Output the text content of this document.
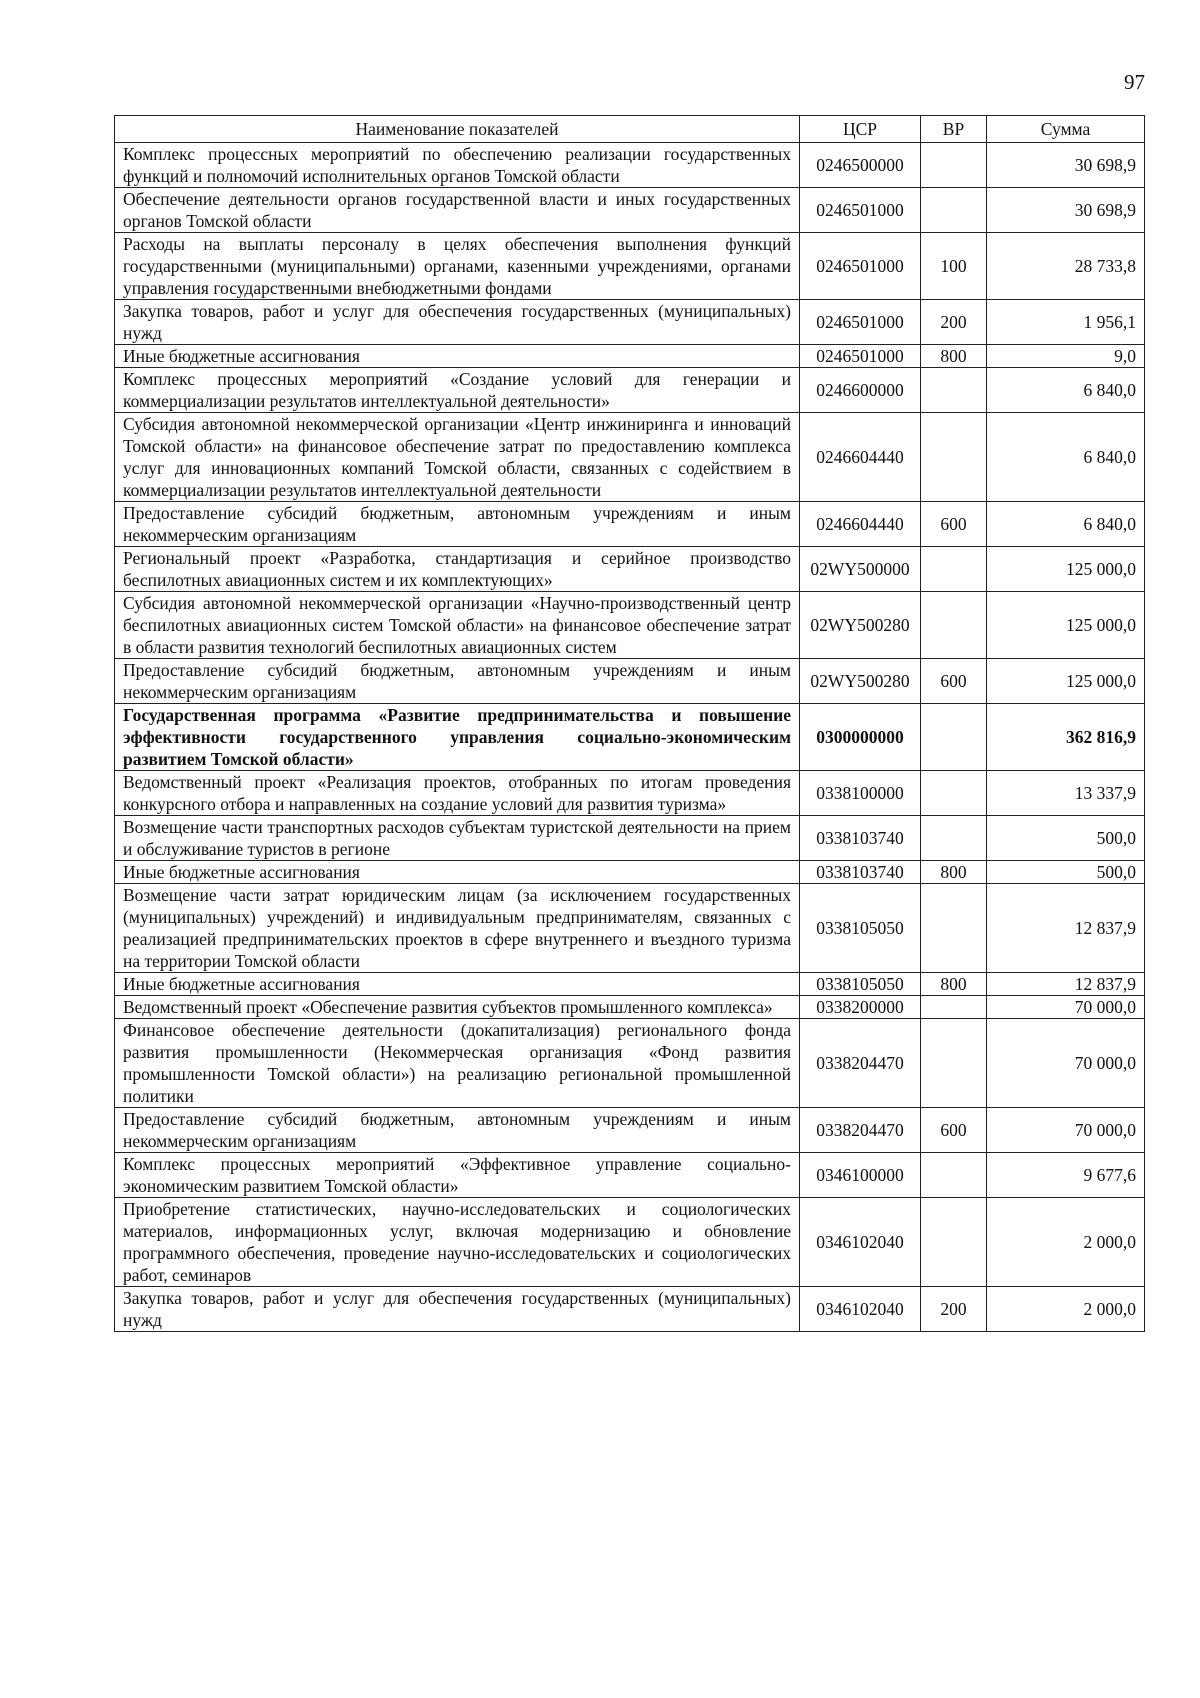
97
Наименование показателей	ЦСР	ВР	Сумма
Комплекс процессных мероприятий по обеспечению реализации государственных функций и полномочий исполнительных органов Томской области	0246500000		30 698,9
Обеспечение деятельности органов государственной власти и иных государственных органов Томской области	0246501000		30 698,9
Расходы на выплаты персоналу в целях обеспечения выполнения функций государственными (муниципальными) органами, казенными учреждениями, органами управления государственными внебюджетными фондами	0246501000	100	28 733,8
Закупка товаров, работ и услуг для обеспечения государственных (муниципальных) нужд	0246501000	200	1 956,1
Иные бюджетные ассигнования	0246501000	800	9,0
Комплекс процессных мероприятий «Создание условий для генерации и коммерциализации результатов интеллектуальной деятельности»	0246600000		6 840,0
Субсидия автономной некоммерческой организации «Центр инжиниринга и инноваций Томской области» на финансовое обеспечение затрат по предоставлению комплекса услуг для инновационных компаний Томской области, связанных с содействием в коммерциализации результатов интеллектуальной деятельности	0246604440		6 840,0
Предоставление субсидий бюджетным, автономным учреждениям и иным некоммерческим организациям	0246604440	600	6 840,0
Региональный проект «Разработка, стандартизация и серийное производство беспилотных авиационных систем и их комплектующих»	02WY500000		125 000,0
Субсидия автономной некоммерческой организации «Научно-производственный центр беспилотных авиационных систем Томской области» на финансовое обеспечение затрат в области развития технологий беспилотных авиационных систем	02WY500280		125 000,0
Предоставление субсидий бюджетным, автономным учреждениям и иным некоммерческим организациям	02WY500280	600	125 000,0
Государственная программа «Развитие предпринимательства и повышение эффективности государственного управления социально-экономическим развитием Томской области»	0300000000		362 816,9
Ведомственный проект «Реализация проектов, отобранных по итогам проведения конкурсного отбора и направленных на создание условий для развития туризма»	0338100000		13 337,9
Возмещение части транспортных расходов субъектам туристской деятельности на прием и обслуживание туристов в регионе	0338103740		500,0
Иные бюджетные ассигнования	0338103740	800	500,0
Возмещение части затрат юридическим лицам (за исключением государственных (муниципальных) учреждений) и индивидуальным предпринимателям, связанных с реализацией предпринимательских проектов в сфере внутреннего и въездного туризма на территории Томской области	0338105050		12 837,9
Иные бюджетные ассигнования	0338105050	800	12 837,9
Ведомственный проект «Обеспечение развития субъектов промышленного комплекса»	0338200000		70 000,0
Финансовое обеспечение деятельности (докапитализация) регионального фонда развития промышленности (Некоммерческая организация «Фонд развития промышленности Томской области») на реализацию региональной промышленной политики	0338204470		70 000,0
Предоставление субсидий бюджетным, автономным учреждениям и иным некоммерческим организациям	0338204470	600	70 000,0
Комплекс процессных мероприятий «Эффективное управление социально-экономическим развитием Томской области»	0346100000		9 677,6
Приобретение статистических, научно-исследовательских и социологических материалов, информационных услуг, включая модернизацию и обновление программного обеспечения, проведение научно-исследовательских и социологических работ, семинаров	0346102040		2 000,0
Закупка товаров, работ и услуг для обеспечения государственных (муниципальных) нужд	0346102040	200	2 000,0
